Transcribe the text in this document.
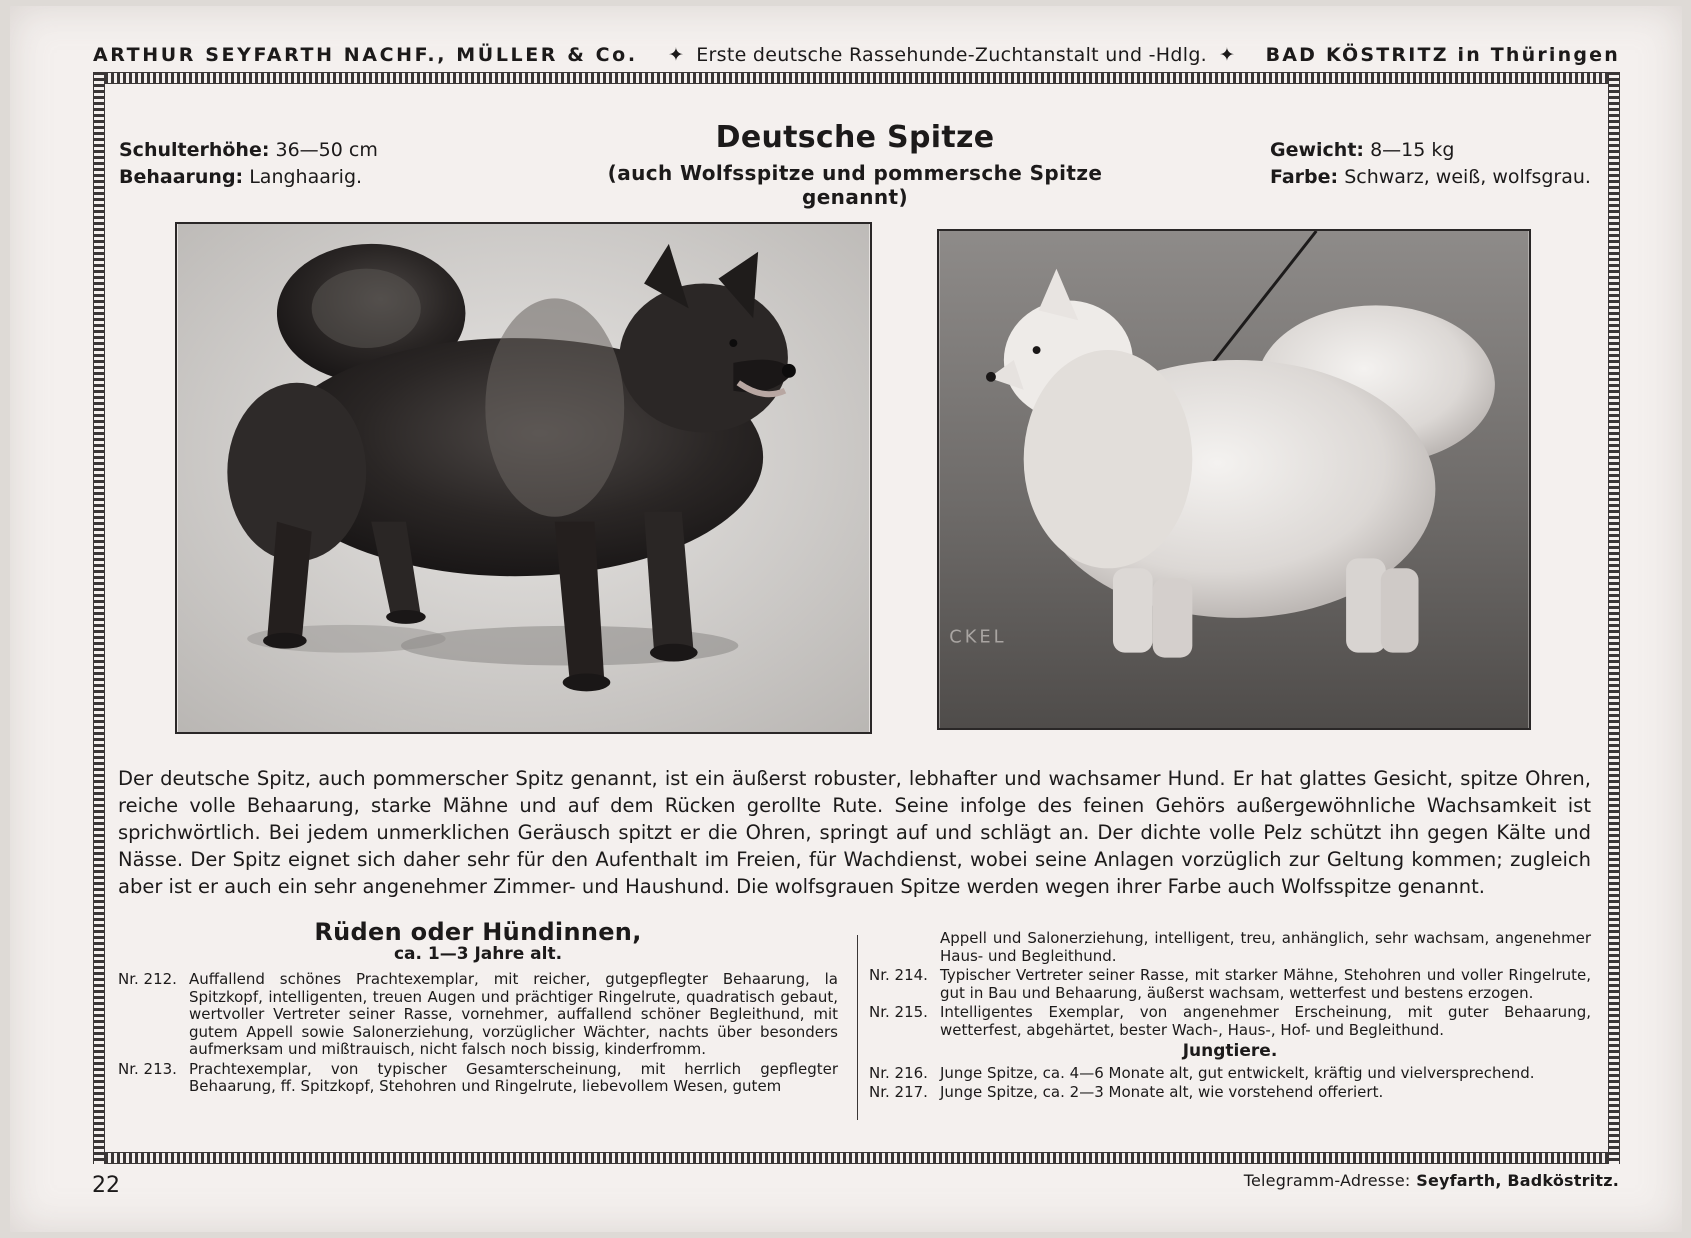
ARTHUR SEYFARTH NACHF., MÜLLER & Co.	✦ Erste deutsche Rassehunde-Zuchtanstalt und -Hdlg. ✦	BAD KÖSTRITZ in Thüringen
Schulterhöhe: 36—50 cm
Behaarung: Langhaarig.
Deutsche Spitze
(auch Wolfsspitze und pommersche Spitze genannt)
Gewicht: 8—15 kg
Farbe: Schwarz, weiß, wolfsgrau.
CKEL
Der deutsche Spitz, auch pommerscher Spitz genannt, ist ein äußerst robuster, lebhafter und wachsamer Hund. Er hat glattes Gesicht, spitze Ohren, reiche volle Behaarung, starke Mähne und auf dem Rücken gerollte Rute. Seine infolge des feinen Gehörs außergewöhnliche Wachsamkeit ist sprichwörtlich. Bei jedem unmerklichen Geräusch spitzt er die Ohren, springt auf und schlägt an. Der dichte volle Pelz schützt ihn gegen Kälte und Nässe. Der Spitz eignet sich daher sehr für den Aufenthalt im Freien, für Wachdienst, wobei seine Anlagen vorzüglich zur Geltung kommen; zugleich aber ist er auch ein sehr angenehmer Zimmer- und Haushund. Die wolfsgrauen Spitze werden wegen ihrer Farbe auch Wolfsspitze genannt.
Rüden oder Hündinnen,
ca. 1—3 Jahre alt.
Nr. 212. Auffallend schönes Prachtexemplar, mit reicher, gutgepflegter Behaarung, la Spitzkopf, intelligenten, treuen Augen und prächtiger Ringelrute, quadratisch gebaut, wertvoller Vertreter seiner Rasse, vornehmer, auffallend schöner Begleithund, mit gutem Appell sowie Salonerziehung, vorzüglicher Wächter, nachts über besonders aufmerksam und mißtrauisch, nicht falsch noch bissig, kinderfromm.
Nr. 213. Prachtexemplar, von typischer Gesamterscheinung, mit herrlich gepflegter Behaarung, ff. Spitzkopf, Stehohren und Ringelrute, liebevollem Wesen, gutem
Appell und Salonerziehung, intelligent, treu, anhänglich, sehr wachsam, angenehmer Haus- und Begleithund.
Nr. 214. Typischer Vertreter seiner Rasse, mit starker Mähne, Stehohren und voller Ringelrute, gut in Bau und Behaarung, äußerst wachsam, wetterfest und bestens erzogen.
Nr. 215. Intelligentes Exemplar, von angenehmer Erscheinung, mit guter Behaarung, wetterfest, abgehärtet, bester Wach-, Haus-, Hof- und Begleithund.
Jungtiere.
Nr. 216. Junge Spitze, ca. 4—6 Monate alt, gut entwickelt, kräftig und vielversprechend.
Nr. 217. Junge Spitze, ca. 2—3 Monate alt, wie vorstehend offeriert.
22	Telegramm-Adresse: Seyfarth, Badköstritz.
